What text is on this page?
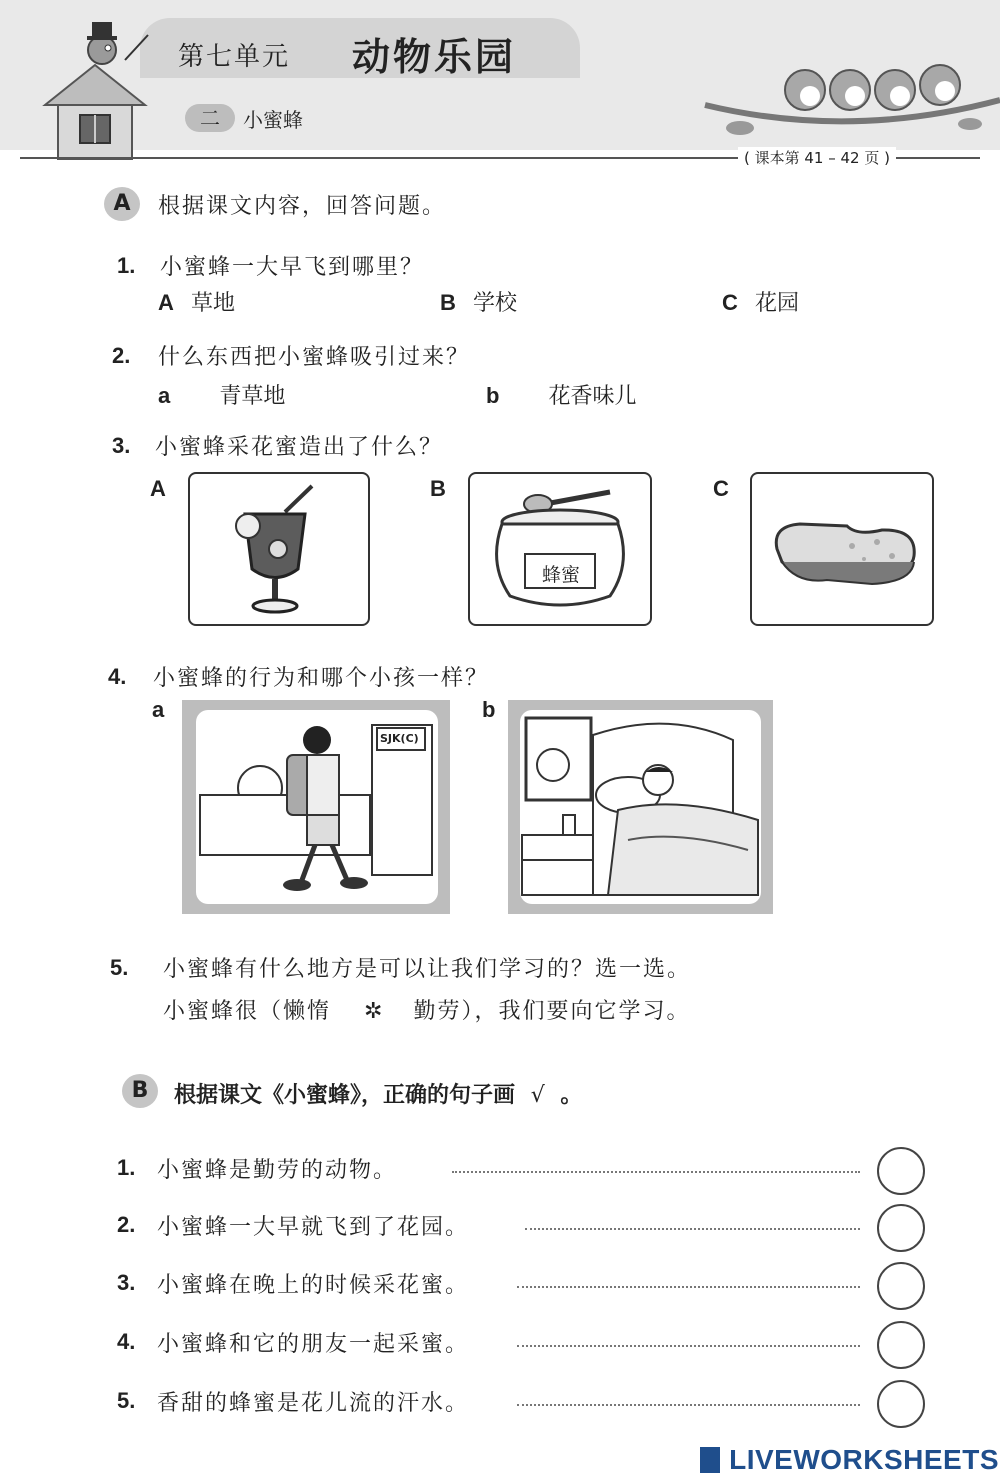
第七单元 动物乐园
二	小蜜蜂
( 课本第 41 – 42 页 )
A	根据课文内容，回答问题。
1. 小蜜蜂一大早飞到哪里？
A 草地	B 学校	C 花园
2. 什么东西把小蜜蜂吸引过来？
a 青草地	b 花香味儿
3. 小蜜蜂采花蜜造出了什么？
A	B
蜂蜜
C
4. 小蜜蜂的行为和哪个小孩一样？
a
SJK(C)
b
5. 小蜜蜂有什么地方是可以让我们学习的？选一选。
小蜜蜂很（懒惰 ✲ 勤劳），我们要向它学习。
B	根据课文《小蜜蜂》，正确的句子画 √ 。
1. 小蜜蜂是勤劳的动物。
2. 小蜜蜂一大早就飞到了花园。
3. 小蜜蜂在晚上的时候采花蜜。
4. 小蜜蜂和它的朋友一起采蜜。
5. 香甜的蜂蜜是花儿流的汗水。
LIVEWORKSHEETS
